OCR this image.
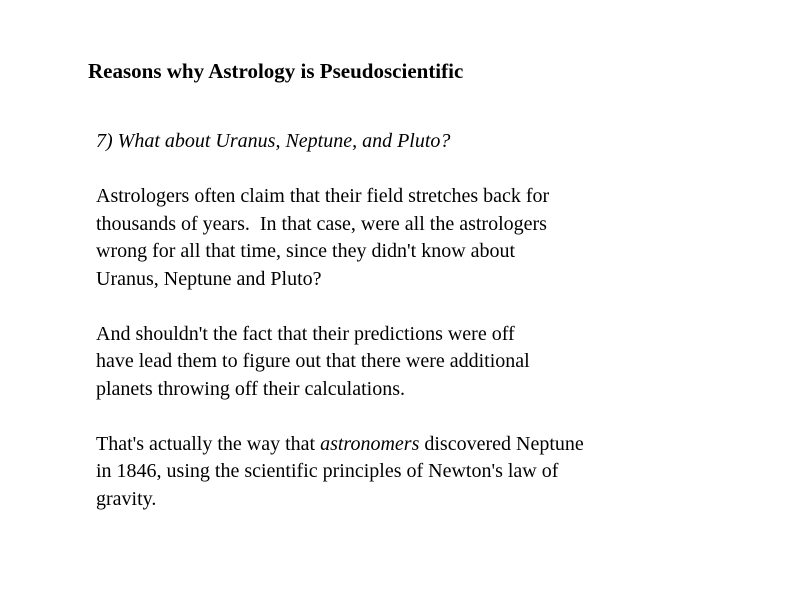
Reasons why Astrology is Pseudoscientific

7) What about Uranus, Neptune, and Pluto?

Astrologers often claim that their field stretches back for
thousands of years.  In that case, were all the astrologers
wrong for all that time, since they didn't know about
Uranus, Neptune and Pluto?

And shouldn't the fact that their predictions were off
have lead them to figure out that there were additional
planets throwing off their calculations.

That's actually the way that astronomers discovered Neptune
in 1846, using the scientific principles of Newton's law of
gravity.
